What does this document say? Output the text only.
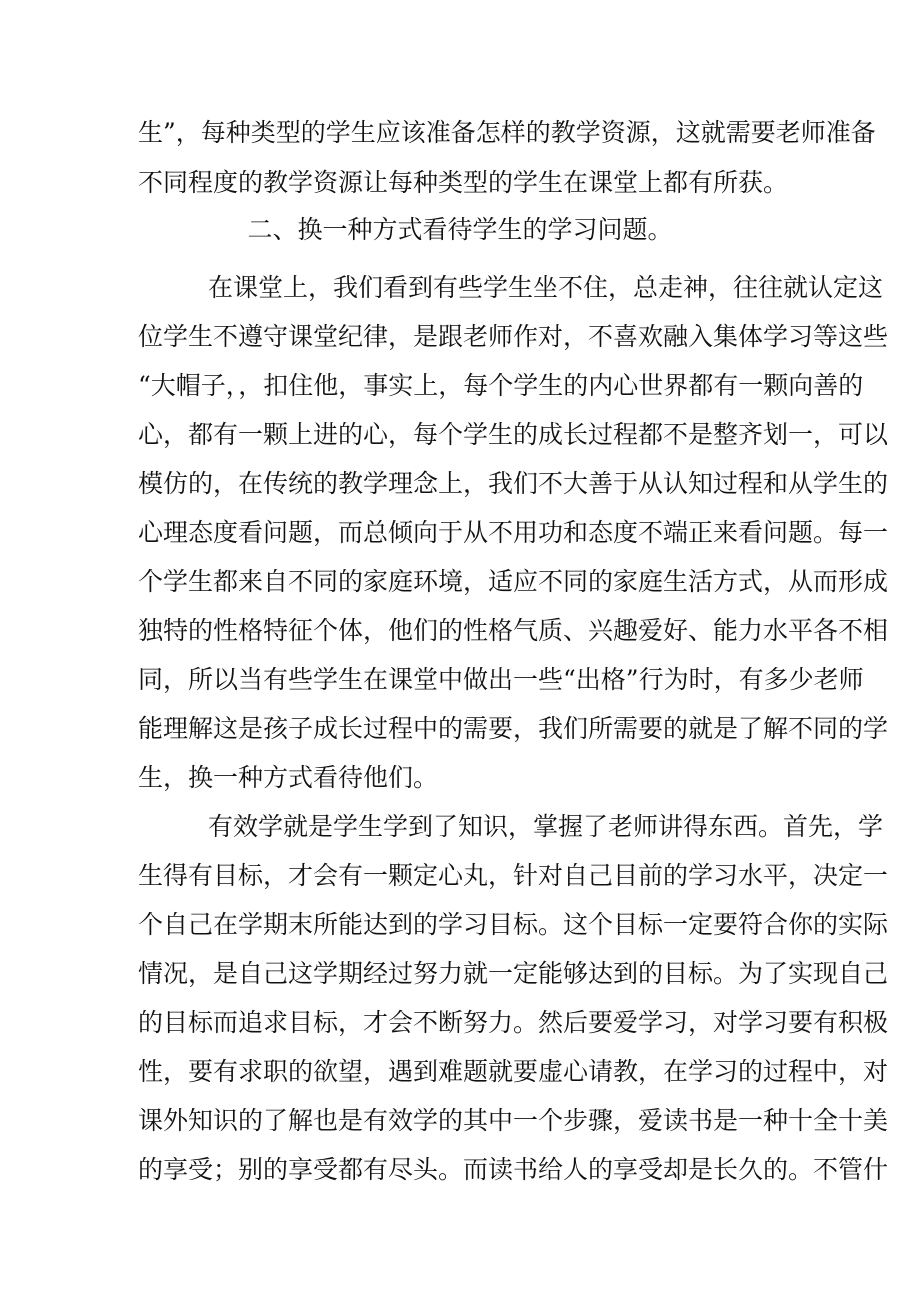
生”，每种类型的学生应该准备怎样的教学资源，这就需要老师准备
不同程度的教学资源让每种类型的学生在课堂上都有所获。
二、换一种方式看待学生的学习问题。
在课堂上，我们看到有些学生坐不住，总走神，往往就认定这
位学生不遵守课堂纪律，是跟老师作对，不喜欢融入集体学习等这些
“大帽子，，扣住他，事实上，每个学生的内心世界都有一颗向善的
心，都有一颗上进的心，每个学生的成长过程都不是整齐划一，可以
模仿的，在传统的教学理念上，我们不大善于从认知过程和从学生的
心理态度看问题，而总倾向于从不用功和态度不端正来看问题。每一
个学生都来自不同的家庭环境，适应不同的家庭生活方式，从而形成
独特的性格特征个体，他们的性格气质、兴趣爱好、能力水平各不相
同，所以当有些学生在课堂中做出一些“出格”行为时，有多少老师
能理解这是孩子成长过程中的需要，我们所需要的就是了解不同的学
生，换一种方式看待他们。
有效学就是学生学到了知识，掌握了老师讲得东西。首先，学
生得有目标，才会有一颗定心丸，针对自己目前的学习水平，决定一
个自己在学期末所能达到的学习目标。这个目标一定要符合你的实际
情况，是自己这学期经过努力就一定能够达到的目标。为了实现自己
的目标而追求目标，才会不断努力。然后要爱学习，对学习要有积极
性，要有求职的欲望，遇到难题就要虚心请教，在学习的过程中，对
课外知识的了解也是有效学的其中一个步骤，爱读书是一种十全十美
的享受；别的享受都有尽头。而读书给人的享受却是长久的。不管什
